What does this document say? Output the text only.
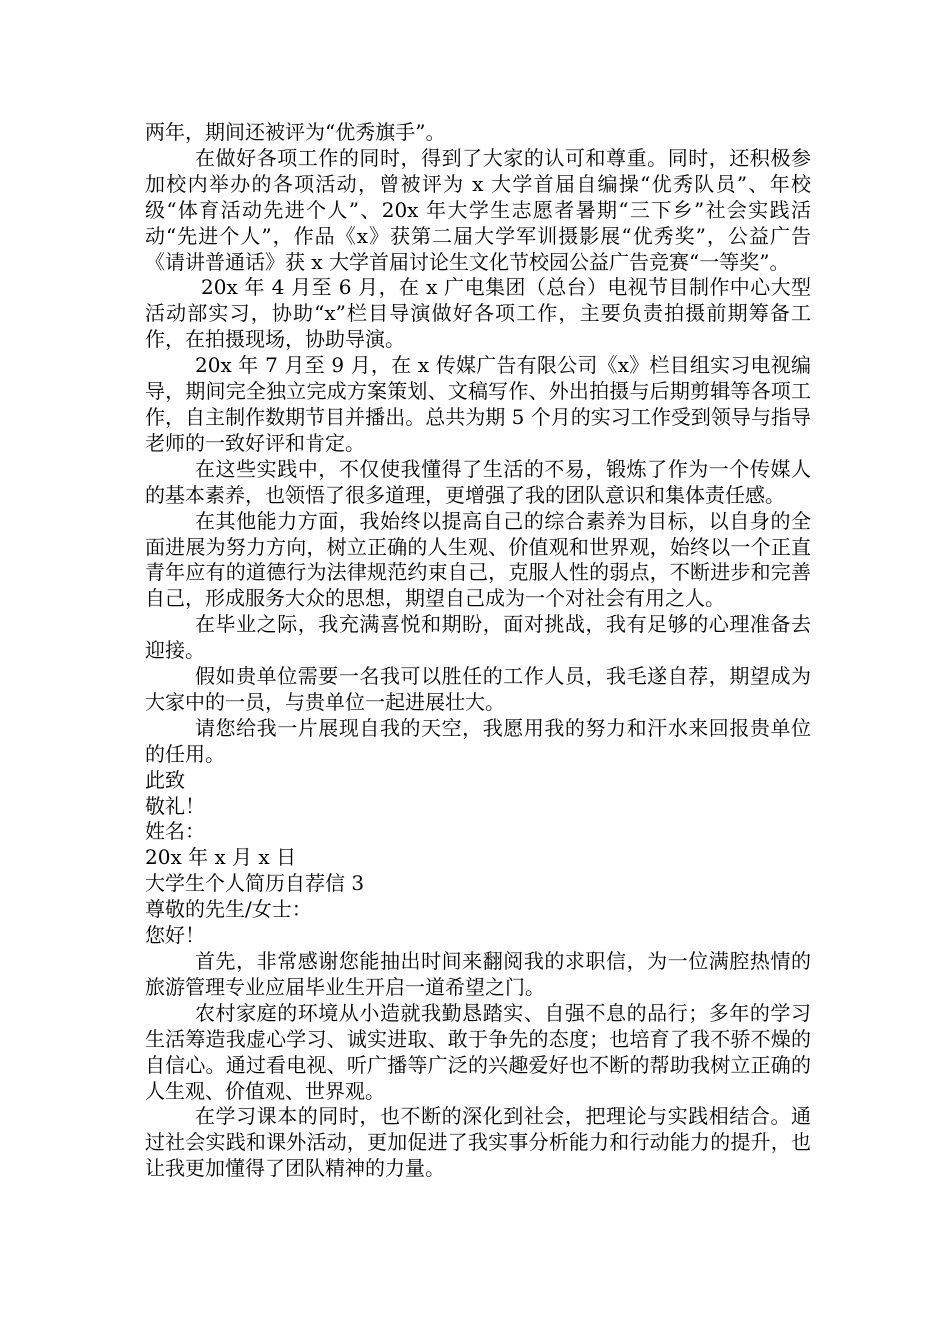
两年，期间还被评为“优秀旗手”。

在做好各项工作的同时，得到了大家的认可和尊重。同时，还积极参加校内举办的各项活动，曾被评为 x 大学首届自编操“优秀队员”、年校级“体育活动先进个人”、20x 年大学生志愿者暑期“三下乡”社会实践活动“先进个人”，作品《x》获第二届大学军训摄影展“优秀奖”，公益广告《请讲普通话》获 x 大学首届讨论生文化节校园公益广告竞赛“一等奖”。

20x 年 4 月至 6 月，在 x 广电集团（总台）电视节目制作中心大型活动部实习，协助“x”栏目导演做好各项工作，主要负责拍摄前期筹备工作，在拍摄现场，协助导演。

20x 年 7 月至 9 月，在 x 传媒广告有限公司《x》栏目组实习电视编导，期间完全独立完成方案策划、文稿写作、外出拍摄与后期剪辑等各项工作，自主制作数期节目并播出。总共为期 5 个月的实习工作受到领导与指导老师的一致好评和肯定。

在这些实践中，不仅使我懂得了生活的不易，锻炼了作为一个传媒人的基本素养，也领悟了很多道理，更增强了我的团队意识和集体责任感。

在其他能力方面，我始终以提高自己的综合素养为目标，以自身的全面进展为努力方向，树立正确的人生观、价值观和世界观，始终以一个正直青年应有的道德行为法律规范约束自己，克服人性的弱点，不断进步和完善自己，形成服务大众的思想，期望自己成为一个对社会有用之人。

在毕业之际，我充满喜悦和期盼，面对挑战，我有足够的心理准备去迎接。

假如贵单位需要一名我可以胜任的工作人员，我毛遂自荐，期望成为大家中的一员，与贵单位一起进展壮大。

请您给我一片展现自我的天空，我愿用我的努力和汗水来回报贵单位的任用。

此致

敬礼！

姓名：

20x 年 x 月 x 日

大学生个人简历自荐信 3

尊敬的先生/女士：

您好！

首先，非常感谢您能抽出时间来翻阅我的求职信，为一位满腔热情的旅游管理专业应届毕业生开启一道希望之门。

农村家庭的环境从小造就我勤恳踏实、自强不息的品行；多年的学习生活筹造我虚心学习、诚实进取、敢于争先的态度；也培育了我不骄不燥的自信心。通过看电视、听广播等广泛的兴趣爱好也不断的帮助我树立正确的人生观、价值观、世界观。

在学习课本的同时，也不断的深化到社会，把理论与实践相结合。通过社会实践和课外活动，更加促进了我实事分析能力和行动能力的提升，也让我更加懂得了团队精神的力量。
